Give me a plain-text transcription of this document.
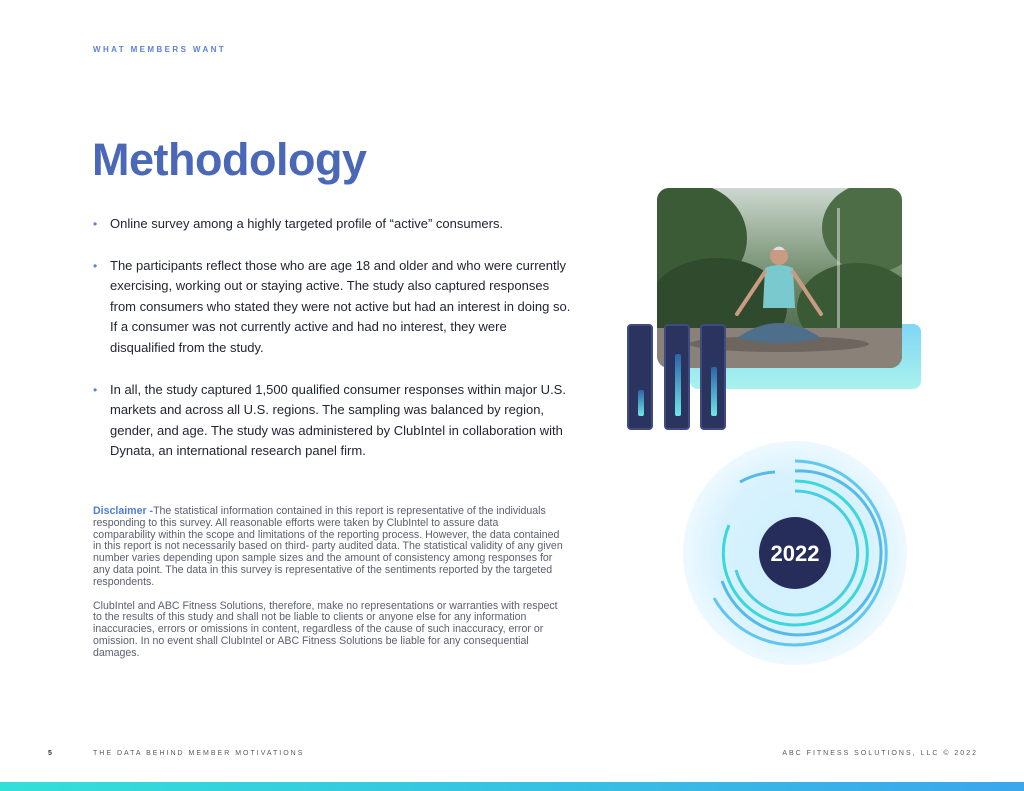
WHAT MEMBERS WANT
Methodology
• Online survey among a highly targeted profile of “active” consumers.
• The participants reflect those who are age 18 and older and who were currently exercising, working out or staying active. The study also captured responses from consumers who stated they were not active but had an interest in doing so. If a consumer was not currently active and had no interest, they were disqualified from the study.
• In all, the study captured 1,500 qualified consumer responses within major U.S. markets and across all U.S. regions. The sampling was balanced by region, gender, and age. The study was administered by ClubIntel in collaboration with Dynata, an international research panel firm.

Disclaimer -The statistical information contained in this report is representative of the individuals responding to this survey. All reasonable efforts were taken by ClubIntel to assure data comparability within the scope and limitations of the reporting process. However, the data contained in this report is not necessarily based on third- party audited data. The statistical validity of any given number varies depending upon sample sizes and the amount of consistency among responses for any data point. The data in this survey is representative of the sentiments reported by the targeted respondents.

ClubIntel and ABC Fitness Solutions, therefore, make no representations or warranties with respect to the results of this study and shall not be liable to clients or anyone else for any information inaccuracies, errors or omissions in content, regardless of the cause of such inaccuracy, error or omission. In no event shall ClubIntel or ABC Fitness Solutions be liable for any consequential damages.

2022
5	THE DATA BEHIND MEMBER MOTIVATIONS	ABC FITNESS SOLUTIONS, LLC © 2022
